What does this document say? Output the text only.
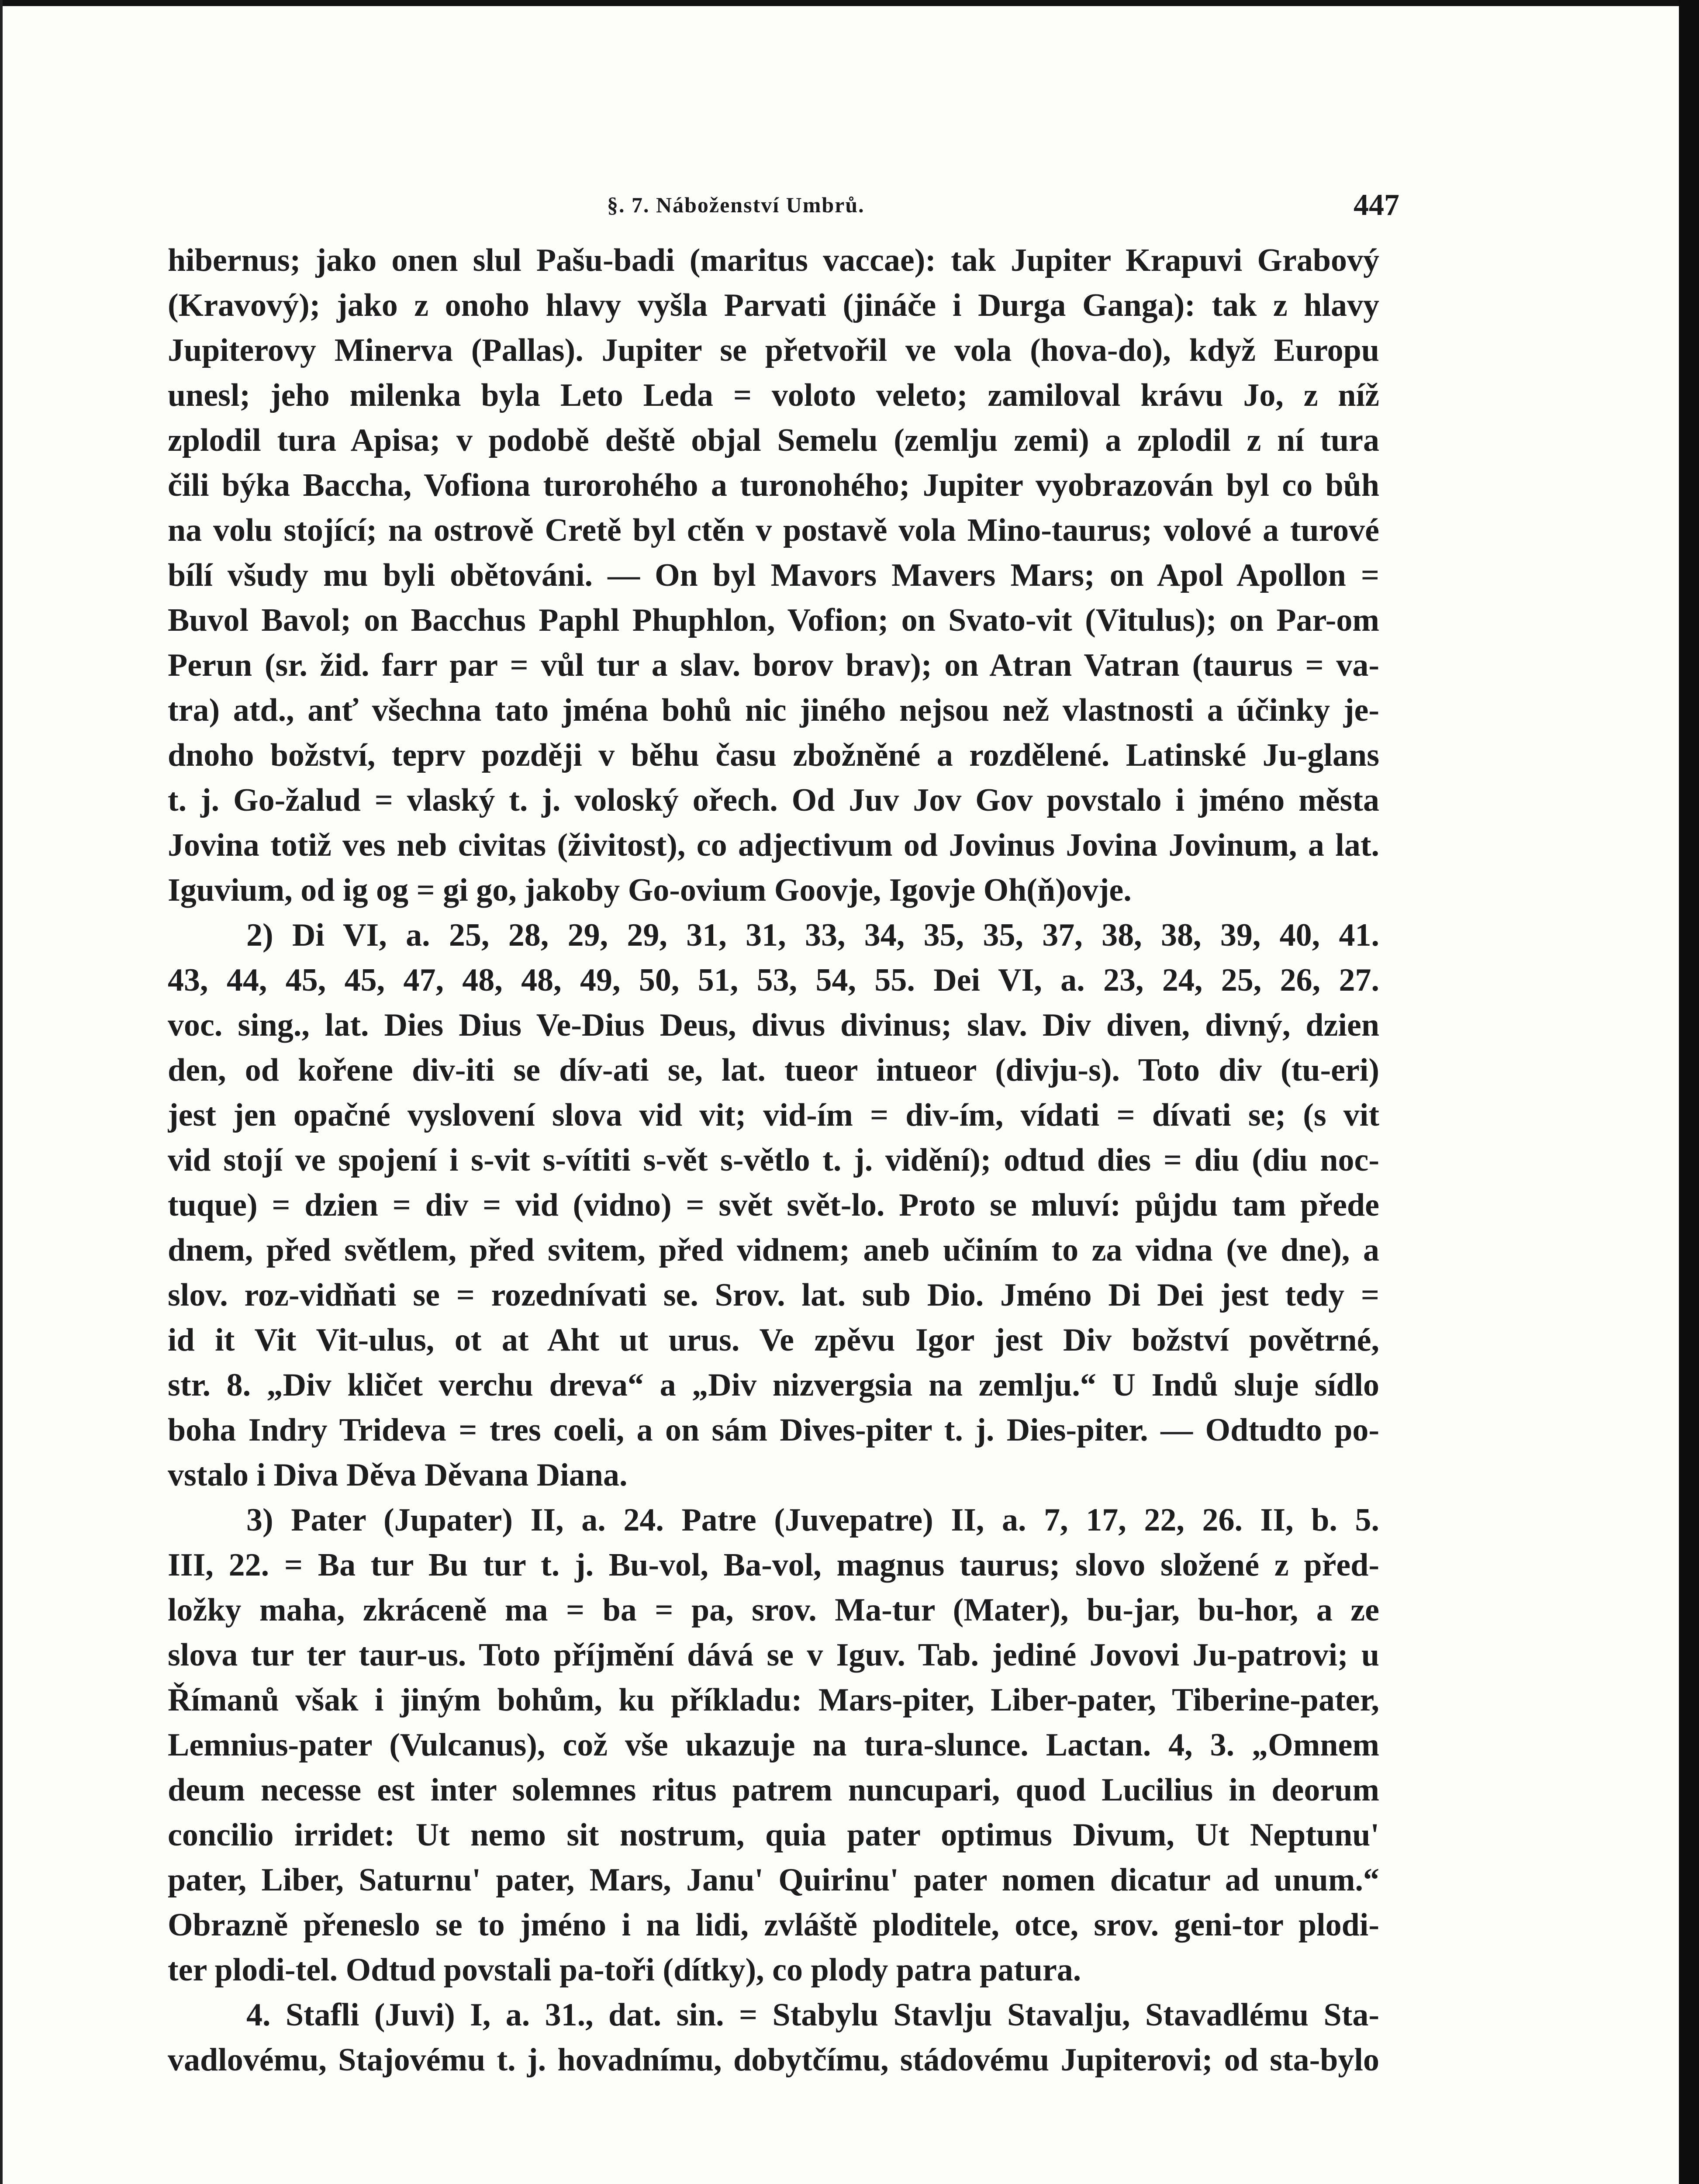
§. 7. Náboženství Umbrů.	447
hibernus; jako onen slul Pašu-badi (maritus vaccae): tak Jupiter Krapuvi Grabový
(Kravový); jako z onoho hlavy vyšla Parvati (jináče i Durga Ganga): tak z hlavy
Jupiterovy Minerva (Pallas). Jupiter se přetvořil ve vola (hova-do), když Europu
unesl; jeho milenka byla Leto Leda = voloto veleto; zamiloval krávu Jo, z níž
zplodil tura Apisa; v podobě deště objal Semelu (zemlju zemi) a zplodil z ní tura
čili býka Baccha, Vofiona turorohého a turonohého; Jupiter vyobrazován byl co bůh
na volu stojící; na ostrově Cretě byl ctěn v postavě vola Mino-taurus; volové a turové
bílí všudy mu byli obětováni. — On byl Mavors Mavers Mars; on Apol Apollon =
Buvol Bavol; on Bacchus Paphl Phuphlon, Vofion; on Svato-vit (Vitulus); on Par-om
Perun (sr. žid. farr par = vůl tur a slav. borov brav); on Atran Vatran (taurus = va-
tra) atd., anť všechna tato jména bohů nic jiného nejsou než vlastnosti a účinky je-
dnoho božství, teprv později v běhu času zbožněné a rozdělené. Latinské Ju-glans
t. j. Go-žalud = vlaský t. j. voloský ořech. Od Juv Jov Gov povstalo i jméno města
Jovina totiž ves neb civitas (živitost), co adjectivum od Jovinus Jovina Jovinum, a lat.
Iguvium, od ig og = gi go, jakoby Go-ovium Goovje, Igovje Oh(ň)ovje.
2) Di VI, a. 25, 28, 29, 29, 31, 31, 33, 34, 35, 35, 37, 38, 38, 39, 40, 41.
43, 44, 45, 45, 47, 48, 48, 49, 50, 51, 53, 54, 55. Dei VI, a. 23, 24, 25, 26, 27.
voc. sing., lat. Dies Dius Ve-Dius Deus, divus divinus; slav. Div diven, divný, dzien
den, od kořene div-iti se dív-ati se, lat. tueor intueor (divju-s). Toto div (tu-eri)
jest jen opačné vyslovení slova vid vit; vid-ím = div-ím, vídati = dívati se; (s vit
vid stojí ve spojení i s-vit s-vítiti s-vět s-větlo t. j. vidění); odtud dies = diu (diu noc-
tuque) = dzien = div = vid (vidno) = svět svět-lo. Proto se mluví: půjdu tam přede
dnem, před světlem, před svitem, před vidnem; aneb učiním to za vidna (ve dne), a
slov. roz-vidňati se = rozednívati se. Srov. lat. sub Dio. Jméno Di Dei jest tedy =
id it Vit Vit-ulus, ot at Aht ut urus. Ve zpěvu Igor jest Div božství povětrné,
str. 8. „Div kličet verchu dreva“ a „Div nizvergsia na zemlju.“ U Indů sluje sídlo
boha Indry Trideva = tres coeli, a on sám Dives-piter t. j. Dies-piter. — Odtudto po-
vstalo i Diva Děva Děvana Diana.
3) Pater (Jupater) II, a. 24. Patre (Juvepatre) II, a. 7, 17, 22, 26. II, b. 5.
III, 22. = Ba tur Bu tur t. j. Bu-vol, Ba-vol, magnus taurus; slovo složené z před-
ložky maha, zkráceně ma = ba = pa, srov. Ma-tur (Mater), bu-jar, bu-hor, a ze
slova tur ter taur-us. Toto příjmění dává se v Iguv. Tab. jediné Jovovi Ju-patrovi; u
Římanů však i jiným bohům, ku příkladu: Mars-piter, Liber-pater, Tiberine-pater,
Lemnius-pater (Vulcanus), což vše ukazuje na tura-slunce. Lactan. 4, 3. „Omnem
deum necesse est inter solemnes ritus patrem nuncupari, quod Lucilius in deorum
concilio irridet: Ut nemo sit nostrum, quia pater optimus Divum, Ut Neptunu'
pater, Liber, Saturnu' pater, Mars, Janu' Quirinu' pater nomen dicatur ad unum.“
Obrazně přeneslo se to jméno i na lidi, zvláště ploditele, otce, srov. geni-tor plodi-
ter plodi-tel. Odtud povstali pa-toři (dítky), co plody patra patura.
4. Stafli (Juvi) I, a. 31., dat. sin. = Stabylu Stavlju Stavalju, Stavadlému Sta-
vadlovému, Stajovému t. j. hovadnímu, dobytčímu, stádovému Jupiterovi; od sta-bylo
